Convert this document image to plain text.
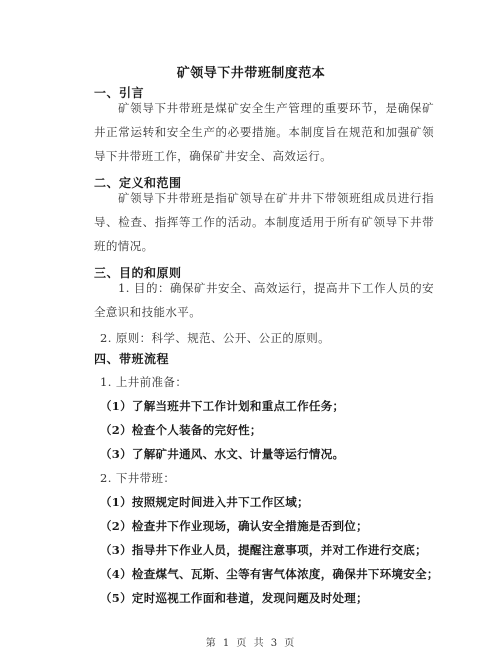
矿领导下井带班制度范本
一、引言
矿领导下井带班是煤矿安全生产管理的重要环节，是确保矿井正常运转和安全生产的必要措施。本制度旨在规范和加强矿领导下井带班工作，确保矿井安全、高效运行。
二、定义和范围
矿领导下井带班是指矿领导在矿井井下带领班组成员进行指导、检查、指挥等工作的活动。本制度适用于所有矿领导下井带班的情况。
三、目的和原则
1. 目的：确保矿井安全、高效运行，提高井下工作人员的安全意识和技能水平。
2. 原则：科学、规范、公开、公正的原则。
四、带班流程
1. 上井前准备：
（1）了解当班井下工作计划和重点工作任务；
（2）检查个人装备的完好性；
（3）了解矿井通风、水文、计量等运行情况。
2. 下井带班：
（1）按照规定时间进入井下工作区域；
（2）检查井下作业现场，确认安全措施是否到位；
（3）指导井下作业人员，提醒注意事项，并对工作进行交底；
（4）检查煤气、瓦斯、尘等有害气体浓度，确保井下环境安全；
（5）定时巡视工作面和巷道，发现问题及时处理；
第 1 页 共 3 页
